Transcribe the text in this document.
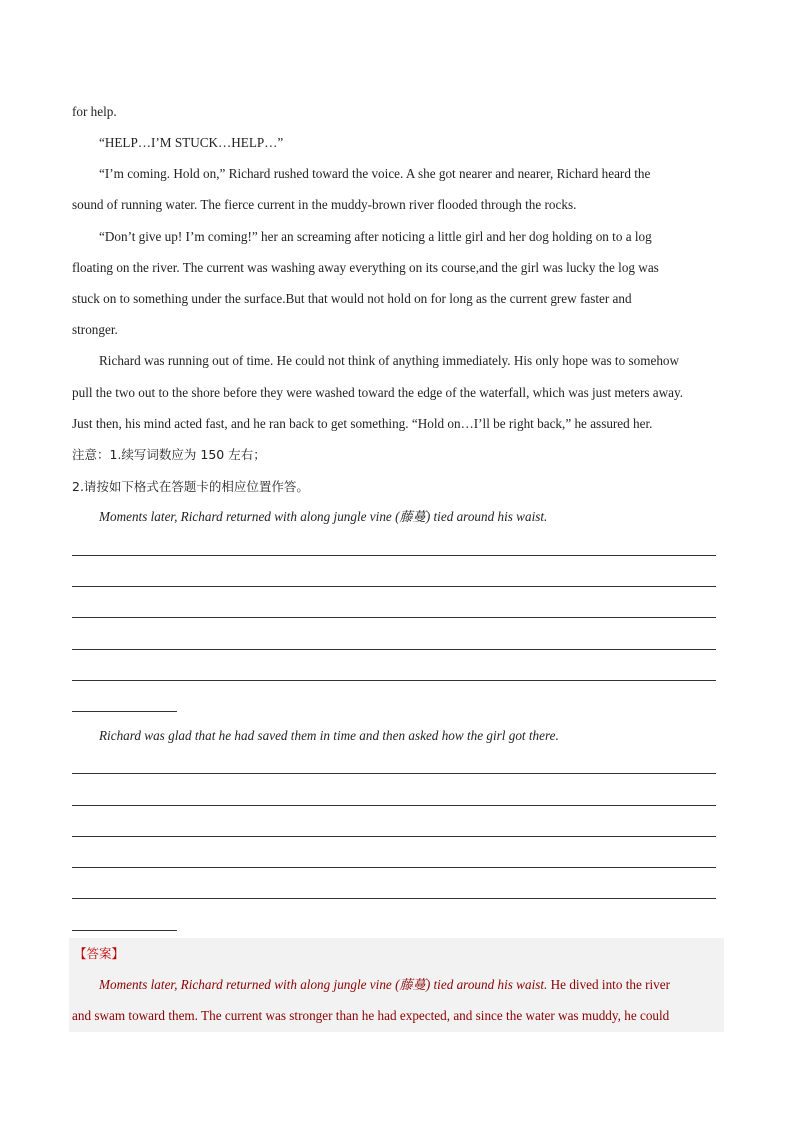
for help.
“HELP…I’M STUCK…HELP…”
“I’m coming. Hold on,” Richard rushed toward the voice. A she got nearer and nearer, Richard heard the
sound of running water. The fierce current in the muddy-brown river flooded through the rocks.
“Don’t give up! I’m coming!” her an screaming after noticing a little girl and her dog holding on to a log
floating on the river. The current was washing away everything on its course,and the girl was lucky the log was
stuck on to something under the surface.But that would not hold on for long as the current grew faster and
stronger.
Richard was running out of time. He could not think of anything immediately. His only hope was to somehow
pull the two out to the shore before they were washed toward the edge of the waterfall, which was just meters away.
Just then, his mind acted fast, and he ran back to get something. “Hold on…I’ll be right back,” he assured her.
注意：1.续写词数应为 150 左右；
2.请按如下格式在答题卡的相应位置作答。
Moments later, Richard returned with along jungle vine (藤蔓) tied around his waist.
Richard was glad that he had saved them in time and then asked how the girl got there.
【答案】
Moments later, Richard returned with along jungle vine (藤蔓) tied around his waist. He dived into the river
and swam toward them. The current was stronger than he had expected, and since the water was muddy, he could
